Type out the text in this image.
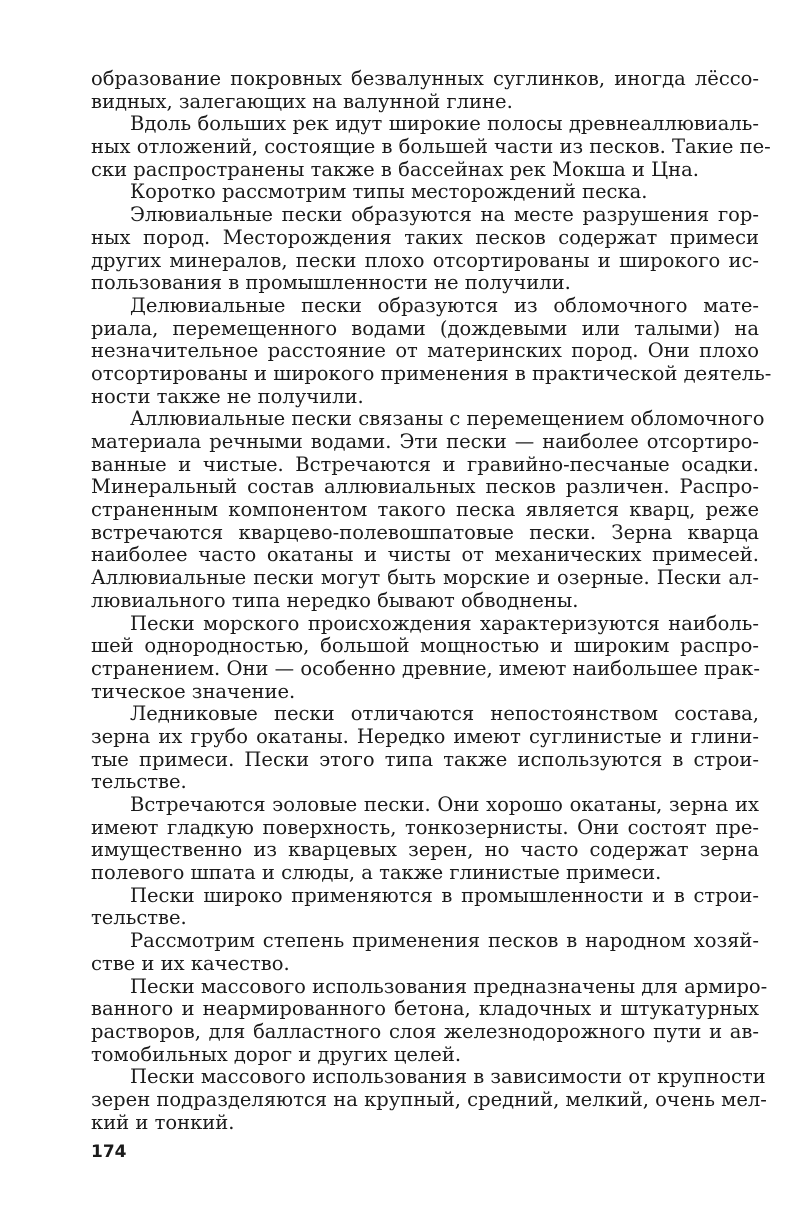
образование покровных безвалунных суглинков, иногда лёссо-
видных, залегающих на валунной глине.
Вдоль больших рек идут широкие полосы древнеаллювиаль-
ных отложений, состоящие в большей части из песков. Такие пе-
ски распространены также в бассейнах рек Мокша и Цна.
Коротко рассмотрим типы месторождений песка.
Элювиальные пески образуются на месте разрушения гор-
ных пород. Месторождения таких песков содержат примеси
других минералов, пески плохо отсортированы и широкого ис-
пользования в промышленности не получили.
Делювиальные пески образуются из обломочного мате-
риала, перемещенного водами (дождевыми или талыми) на
незначительное расстояние от материнских пород. Они плохо
отсортированы и широкого применения в практической деятель-
ности также не получили.
Аллювиальные пески связаны с перемещением обломочного
материала речными водами. Эти пески — наиболее отсортиро-
ванные и чистые. Встречаются и гравийно-песчаные осадки.
Минеральный состав аллювиальных песков различен. Распро-
страненным компонентом такого песка является кварц, реже
встречаются кварцево-полевошпатовые пески. Зерна кварца
наиболее часто окатаны и чисты от механических примесей.
Аллювиальные пески могут быть морские и озерные. Пески ал-
лювиального типа нередко бывают обводнены.
Пески морского происхождения характеризуются наиболь-
шей однородностью, большой мощностью и широким распро-
странением. Они — особенно древние, имеют наибольшее прак-
тическое значение.
Ледниковые пески отличаются непостоянством состава,
зерна их грубо окатаны. Нередко имеют суглинистые и глини-
тые примеси. Пески этого типа также используются в строи-
тельстве.
Встречаются эоловые пески. Они хорошо окатаны, зерна их
имеют гладкую поверхность, тонкозернисты. Они состоят пре-
имущественно из кварцевых зерен, но часто содержат зерна
полевого шпата и слюды, а также глинистые примеси.
Пески широко применяются в промышленности и в строи-
тельстве.
Рассмотрим степень применения песков в народном хозяй-
стве и их качество.
Пески массового использования предназначены для армиро-
ванного и неармированного бетона, кладочных и штукатурных
растворов, для балластного слоя железнодорожного пути и ав-
томобильных дорог и других целей.
Пески массового использования в зависимости от крупности
зерен подразделяются на крупный, средний, мелкий, очень мел-
кий и тонкий.
174
